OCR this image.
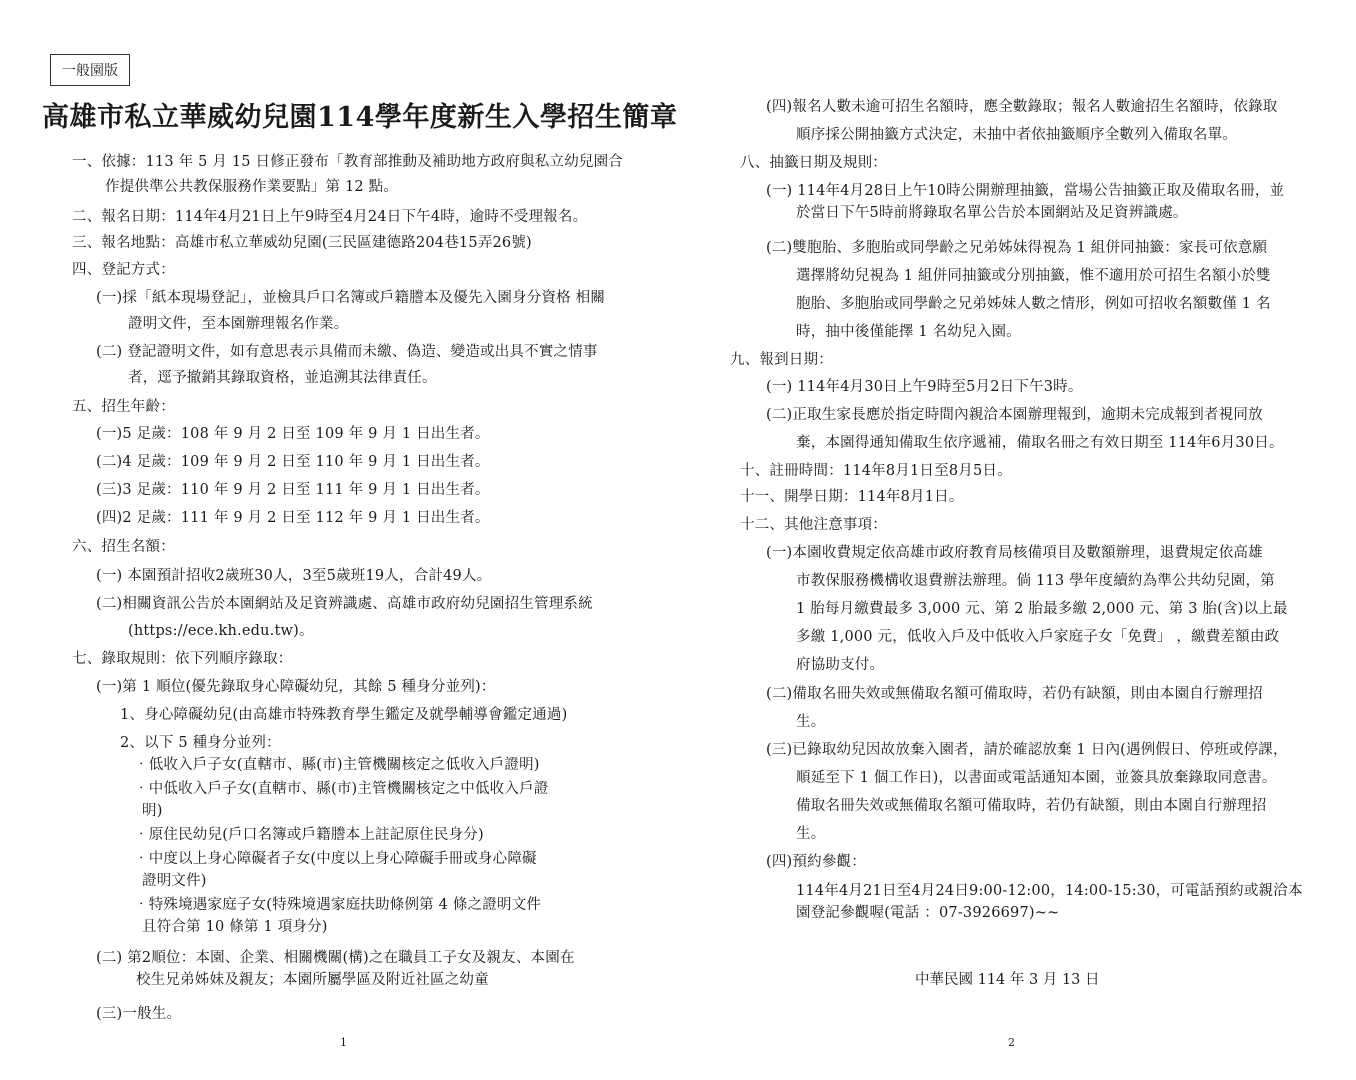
一般園版
高雄市私立華威幼兒園114學年度新生入學招生簡章
一、依據：113 年 5 月 15 日修正發布「教育部推動及補助地方政府與私立幼兒園合
作提供準公共教保服務作業要點」第 12 點。
二、報名日期：114年4月21日上午9時至4月24日下午4時，逾時不受理報名。
三、報名地點：高雄市私立華威幼兒園(三民區建德路204巷15弄26號)
四、登記方式：
(一)採「紙本現場登記」，並檢具戶口名簿或戶籍謄本及優先入園身分資格 相關
證明文件，至本園辦理報名作業。
(二) 登記證明文件，如有意思表示具備而未繳、偽造、變造或出具不實之情事
者，逕予撤銷其錄取資格，並追溯其法律責任。
五、招生年齡：
(一)5 足歲：108 年 9 月 2 日至 109 年 9 月 1 日出生者。
(二)4 足歲：109 年 9 月 2 日至 110 年 9 月 1 日出生者。
(三)3 足歲：110 年 9 月 2 日至 111 年 9 月 1 日出生者。
(四)2 足歲：111 年 9 月 2 日至 112 年 9 月 1 日出生者。
六、招生名額：
(一) 本園預計招收2歲班30人，3至5歲班19人，合計49人。
(二)相關資訊公告於本園網站及足資辨識處、高雄市政府幼兒園招生管理系統
(https://ece.kh.edu.tw)。
七、錄取規則：依下列順序錄取：
(一)第 1 順位(優先錄取身心障礙幼兒，其餘 5 種身分並列)：
1、身心障礙幼兒(由高雄市特殊教育學生鑑定及就學輔導會鑑定通過)
2、以下 5 種身分並列：
‧低收入戶子女(直轄市、縣(市)主管機關核定之低收入戶證明)
‧中低收入戶子女(直轄市、縣(市)主管機關核定之中低收入戶證
明)
‧原住民幼兒(戶口名簿或戶籍謄本上註記原住民身分)
‧中度以上身心障礙者子女(中度以上身心障礙手冊或身心障礙
證明文件)
‧特殊境遇家庭子女(特殊境遇家庭扶助條例第 4 條之證明文件
且符合第 10 條第 1 項身分)
(二) 第2順位：本園、企業、相關機關(構)之在職員工子女及親友、本園在
校生兄弟姊妹及親友；本園所屬學區及附近社區之幼童
(三)一般生。
1
(四)報名人數未逾可招生名額時，應全數錄取；報名人數逾招生名額時，依錄取
順序採公開抽籤方式決定，未抽中者依抽籤順序全數列入備取名單。
八、抽籤日期及規則：
(一) 114年4月28日上午10時公開辦理抽籤，當場公告抽籤正取及備取名冊，並
於當日下午5時前將錄取名單公告於本園網站及足資辨識處。
(二)雙胞胎、多胞胎或同學齡之兄弟姊妹得視為 1 組併同抽籤：家長可依意願
選擇將幼兒視為 1 組併同抽籤或分別抽籤，惟不適用於可招生名額小於雙
胞胎、多胞胎或同學齡之兄弟姊妹人數之情形，例如可招收名額數僅 1 名
時，抽中後僅能擇 1 名幼兒入園。
九、報到日期：
(一) 114年4月30日上午9時至5月2日下午3時。
(二)正取生家長應於指定時間內親洽本園辦理報到，逾期未完成報到者視同放
棄，本園得通知備取生依序遞補，備取名冊之有效日期至 114年6月30日。
十、註冊時間：114年8月1日至8月5日。
十一、開學日期：114年8月1日。
十二、其他注意事項：
(一)本園收費規定依高雄市政府教育局核備項目及數額辦理，退費規定依高雄
市教保服務機構收退費辦法辦理。倘 113 學年度續約為準公共幼兒園，第
1 胎每月繳費最多 3,000 元、第 2 胎最多繳 2,000 元、第 3 胎(含)以上最
多繳 1,000 元，低收入戶及中低收入戶家庭子女「免費」 ，繳費差額由政
府協助支付。
(二)備取名冊失效或無備取名額可備取時，若仍有缺額，則由本園自行辦理招
生。
(三)已錄取幼兒因故放棄入園者，請於確認放棄 1 日內(遇例假日、停班或停課，
順延至下 1 個工作日)，以書面或電話通知本園，並簽具放棄錄取同意書。
備取名冊失效或無備取名額可備取時，若仍有缺額，則由本園自行辦理招
生。
(四)預約參觀：
114年4月21日至4月24日9:00-12:00，14:00-15:30，可電話預約或親洽本
園登記參觀喔(電話 ：07-3926697)~~
中華民國 114 年 3 月 13 日
2
